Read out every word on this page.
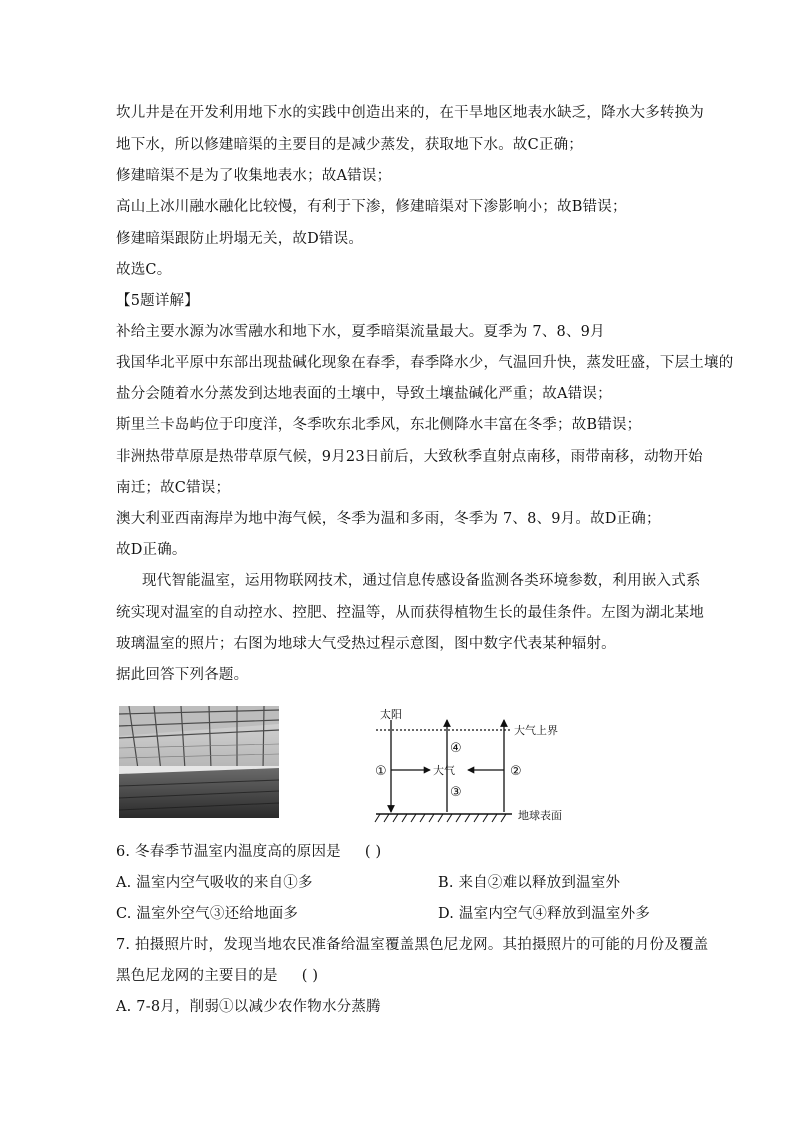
坎儿井是在开发利用地下水的实践中创造出来的，在干旱地区地表水缺乏，降水大多转换为
地下水，所以修建暗渠的主要目的是减少蒸发，获取地下水。故C正确；
修建暗渠不是为了收集地表水；故A错误；
高山上冰川融水融化比较慢，有利于下渗，修建暗渠对下渗影响小；故B错误；
修建暗渠跟防止坍塌无关，故D错误。
故选C。
【5题详解】
补给主要水源为冰雪融水和地下水，夏季暗渠流量最大。夏季为 7、8、9月
我国华北平原中东部出现盐碱化现象在春季，春季降水少，气温回升快，蒸发旺盛，下层土壤的
盐分会随着水分蒸发到达地表面的土壤中，导致土壤盐碱化严重；故A错误；
斯里兰卡岛屿位于印度洋，冬季吹东北季风，东北侧降水丰富在冬季；故B错误；
非洲热带草原是热带草原气候，9月23日前后，大致秋季直射点南移，雨带南移，动物开始
南迁；故C错误；
澳大利亚西南海岸为地中海气候，冬季为温和多雨，冬季为 7、8、9月。故D正确；
故D正确。
现代智能温室，运用物联网技术，通过信息传感设备监测各类环境参数，利用嵌入式系
统实现对温室的自动控水、控肥、控温等，从而获得植物生长的最佳条件。左图为湖北某地
玻璃温室的照片；右图为地球大气受热过程示意图，图中数字代表某种辐射。
据此回答下列各题。
太阳
大气上界
大气
地球表面
①	②
③
④
6. 冬春季节温室内温度高的原因是 ( )
A. 温室内空气吸收的来自①多	B. 来自②难以释放到温室外
C. 温室外空气③还给地面多	D. 温室内空气④释放到温室外多
7. 拍摄照片时，发现当地农民准备给温室覆盖黑色尼龙网。其拍摄照片的可能的月份及覆盖
黑色尼龙网的主要目的是 ( )
A. 7-8月，削弱①以减少农作物水分蒸腾
